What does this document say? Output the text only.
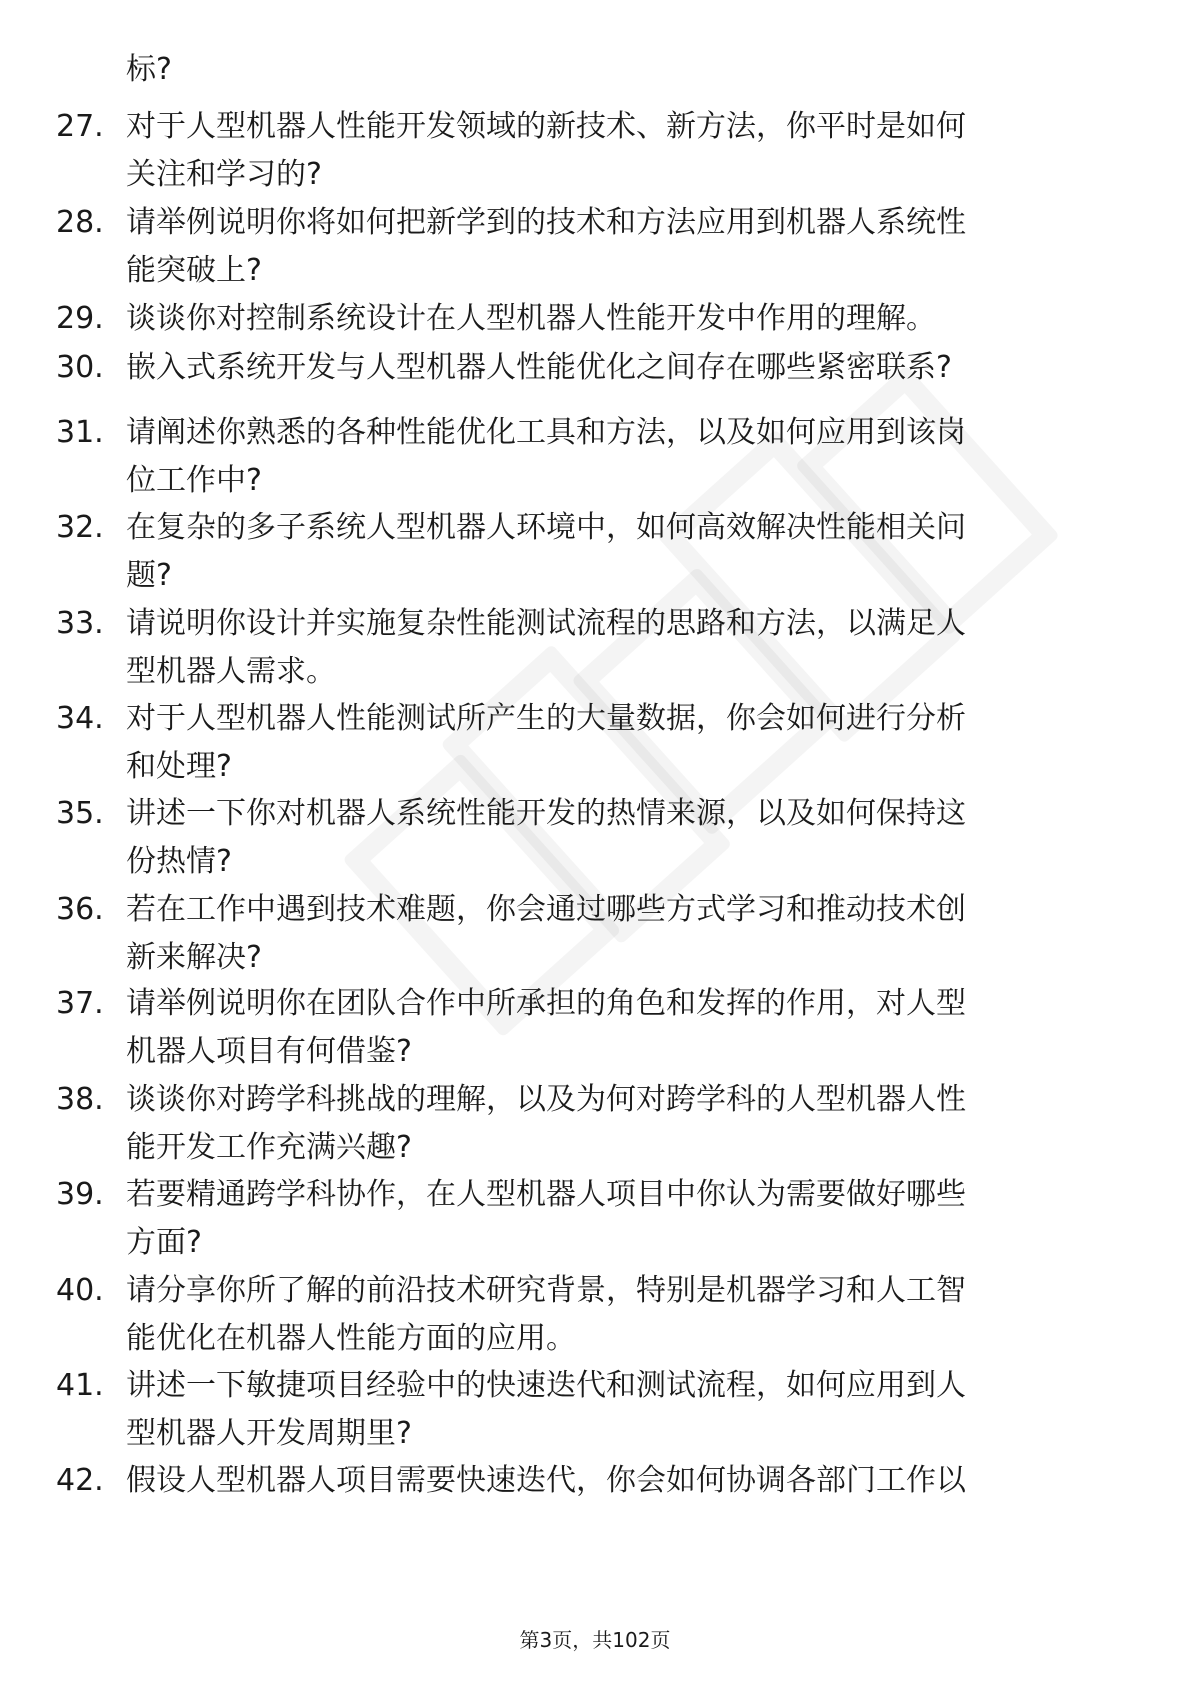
标?
27. 对于人型机器人性能开发领域的新技术、新方法，你平时是如何
关注和学习的?
28. 请举例说明你将如何把新学到的技术和方法应用到机器人系统性
能突破上?
29. 谈谈你对控制系统设计在人型机器人性能开发中作用的理解。
30. 嵌入式系统开发与人型机器人性能优化之间存在哪些紧密联系?
31. 请阐述你熟悉的各种性能优化工具和方法，以及如何应用到该岗
位工作中?
32. 在复杂的多子系统人型机器人环境中，如何高效解决性能相关问
题?
33. 请说明你设计并实施复杂性能测试流程的思路和方法，以满足人
型机器人需求。
34. 对于人型机器人性能测试所产生的大量数据，你会如何进行分析
和处理?
35. 讲述一下你对机器人系统性能开发的热情来源，以及如何保持这
份热情?
36. 若在工作中遇到技术难题，你会通过哪些方式学习和推动技术创
新来解决?
37. 请举例说明你在团队合作中所承担的角色和发挥的作用，对人型
机器人项目有何借鉴?
38. 谈谈你对跨学科挑战的理解，以及为何对跨学科的人型机器人性
能开发工作充满兴趣?
39. 若要精通跨学科协作，在人型机器人项目中你认为需要做好哪些
方面?
40. 请分享你所了解的前沿技术研究背景，特别是机器学习和人工智
能优化在机器人性能方面的应用。
41. 讲述一下敏捷项目经验中的快速迭代和测试流程，如何应用到人
型机器人开发周期里?
42. 假设人型机器人项目需要快速迭代，你会如何协调各部门工作以
第3页，共102页
